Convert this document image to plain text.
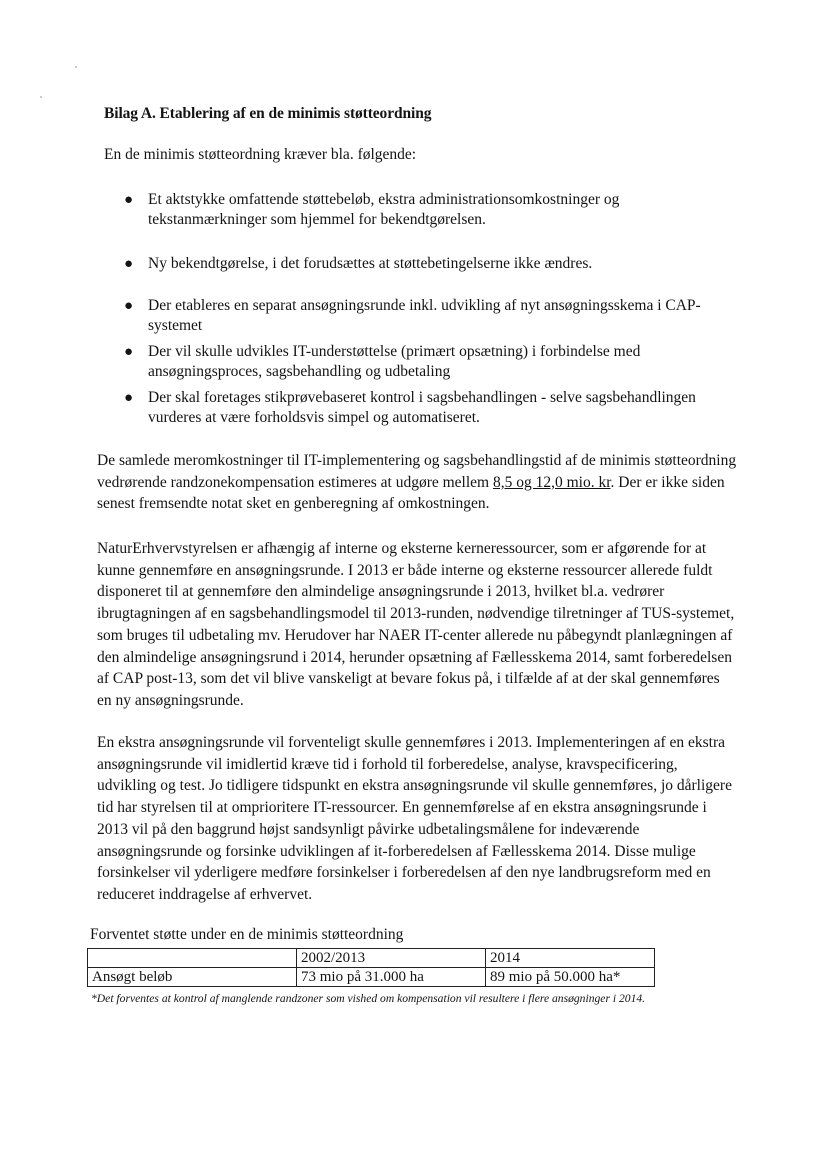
Bilag A. Etablering af en de minimis støtteordning
En de minimis støtteordning kræver bla. følgende:
● Et aktstykke omfattende støttebeløb, ekstra administrationsomkostninger og tekstanmærkninger som hjemmel for bekendtgørelsen.
● Ny bekendtgørelse, i det forudsættes at støttebetingelserne ikke ændres.
● Der etableres en separat ansøgningsrunde inkl. udvikling af nyt ansøgningsskema i CAP-systemet
● Der vil skulle udvikles IT-understøttelse (primært opsætning) i forbindelse med ansøgningsproces, sagsbehandling og udbetaling
● Der skal foretages stikprøvebaseret kontrol i sagsbehandlingen - selve sagsbehandlingen vurderes at være forholdsvis simpel og automatiseret.
De samlede meromkostninger til IT-implementering og sagsbehandlingstid af de minimis støtteordning vedrørende randzonekompensation estimeres at udgøre mellem 8,5 og 12,0 mio. kr. Der er ikke siden senest fremsendte notat sket en genberegning af omkostningen.
NaturErhvervstyrelsen er afhængig af interne og eksterne kerneressourcer, som er afgørende for at kunne gennemføre en ansøgningsrunde. I 2013 er både interne og eksterne ressourcer allerede fuldt disponeret til at gennemføre den almindelige ansøgningsrunde i 2013, hvilket bl.a. vedrører ibrugtagningen af en sagsbehandlingsmodel til 2013-runden, nødvendige tilretninger af TUS-systemet, som bruges til udbetaling mv. Herudover har NAER IT-center allerede nu påbegyndt planlægningen af den almindelige ansøgningsrund i 2014, herunder opsætning af Fællesskema 2014, samt forberedelsen af CAP post-13, som det vil blive vanskeligt at bevare fokus på, i tilfælde af at der skal gennemføres en ny ansøgningsrunde.
En ekstra ansøgningsrunde vil forventeligt skulle gennemføres i 2013. Implementeringen af en ekstra ansøgningsrunde vil imidlertid kræve tid i forhold til forberedelse, analyse, kravspecificering, udvikling og test. Jo tidligere tidspunkt en ekstra ansøgningsrunde vil skulle gennemføres, jo dårligere tid har styrelsen til at omprioritere IT-ressourcer. En gennemførelse af en ekstra ansøgningsrunde i 2013 vil på den baggrund højst sandsynligt påvirke udbetalingsmålene for indeværende ansøgningsrunde og forsinke udviklingen af it-forberedelsen af Fællesskema 2014. Disse mulige forsinkelser vil yderligere medføre forsinkelser i forberedelsen af den nye landbrugsreform med en reduceret inddragelse af erhvervet.
Forventet støtte under en de minimis støtteordning
	2002/2013	2014
Ansøgt beløb	73 mio på 31.000 ha	89 mio på 50.000 ha*
*Det forventes at kontrol af manglende randzoner som vished om kompensation vil resultere i flere ansøgninger i 2014.
